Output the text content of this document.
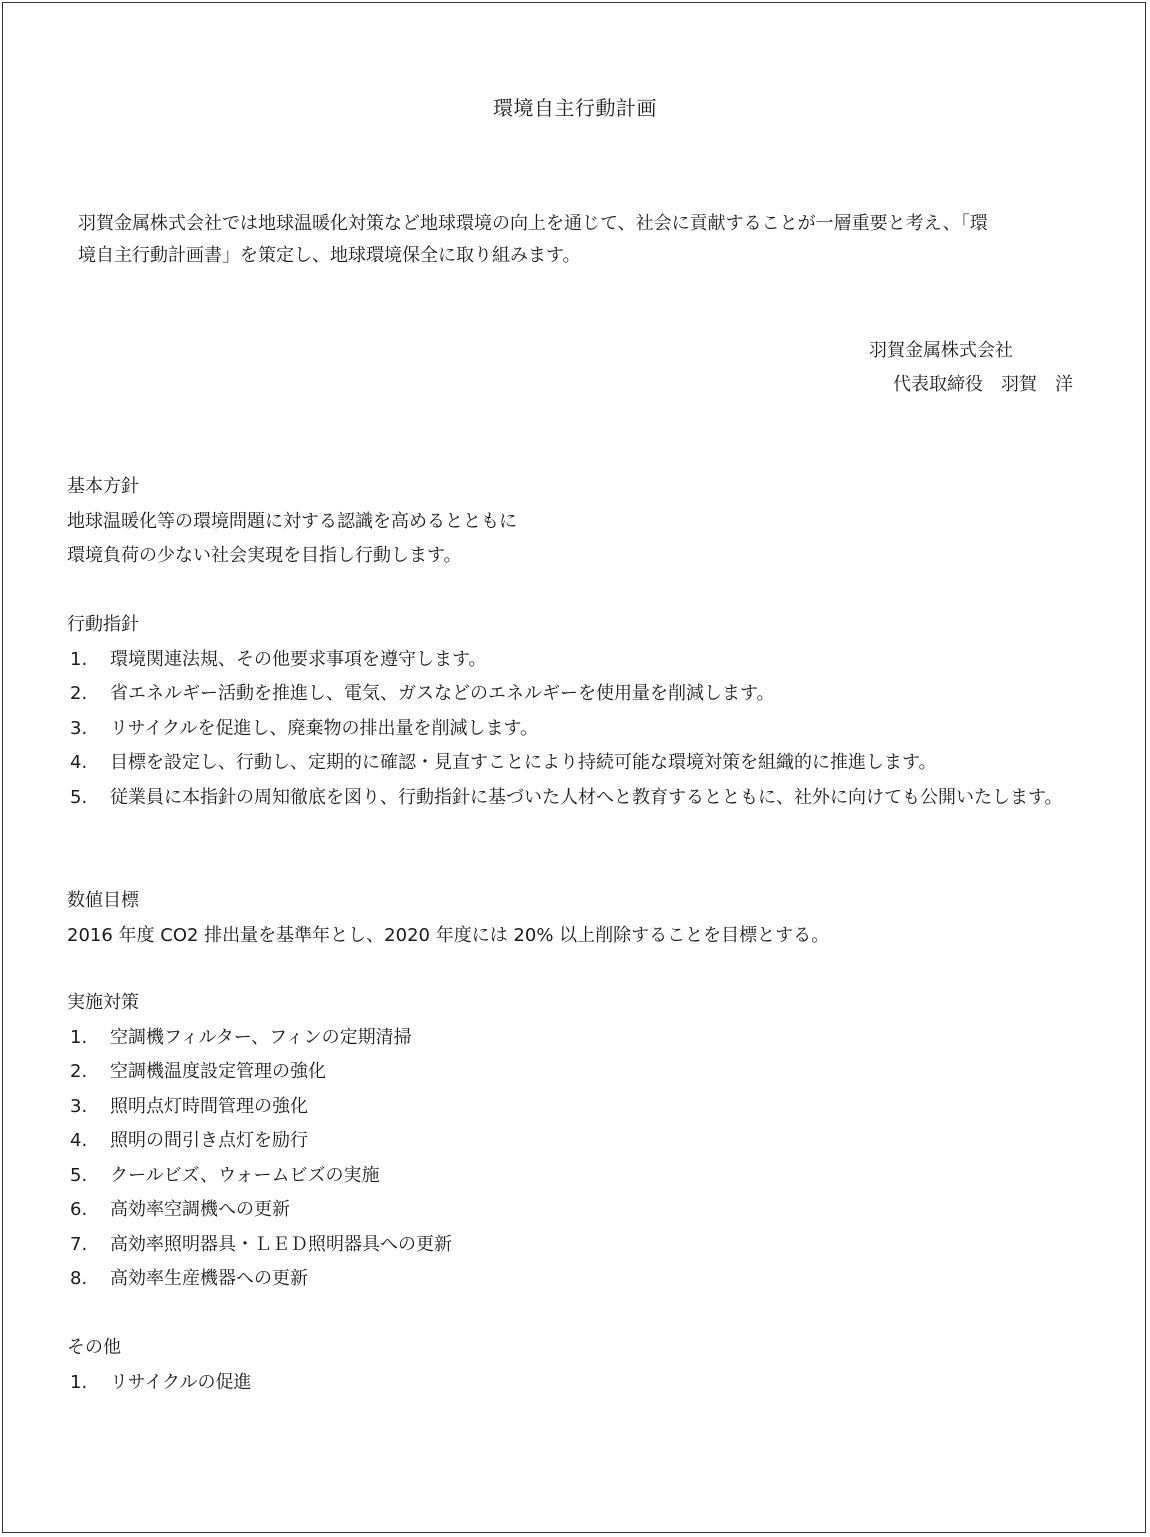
環境自主行動計画
羽賀金属株式会社では地球温暖化対策など地球環境の向上を通じて、社会に貢献することが一層重要と考え、「環
境自主行動計画書」を策定し、地球環境保全に取り組みます。
羽賀金属株式会社
代表取締役　羽賀　洋
基本方針
地球温暖化等の環境問題に対する認識を高めるとともに
環境負荷の少ない社会実現を目指し行動します。
行動指針
1.	環境関連法規、その他要求事項を遵守します。
2.	省エネルギー活動を推進し、電気、ガスなどのエネルギーを使用量を削減します。
3.	リサイクルを促進し、廃棄物の排出量を削減します。
4.	目標を設定し、行動し、定期的に確認・見直すことにより持続可能な環境対策を組織的に推進します。
5.	従業員に本指針の周知徹底を図り、行動指針に基づいた人材へと教育するとともに、社外に向けても公開いたします。
数値目標
2016 年度 CO2 排出量を基準年とし、2020 年度には 20% 以上削除することを目標とする。
実施対策
1.	空調機フィルター、フィンの定期清掃
2.	空調機温度設定管理の強化
3.	照明点灯時間管理の強化
4.	照明の間引き点灯を励行
5.	クールビズ、ウォームビズの実施
6.	高効率空調機への更新
7.	高効率照明器具・ＬＥＤ照明器具への更新
8.	高効率生産機器への更新
その他
1.	リサイクルの促進
